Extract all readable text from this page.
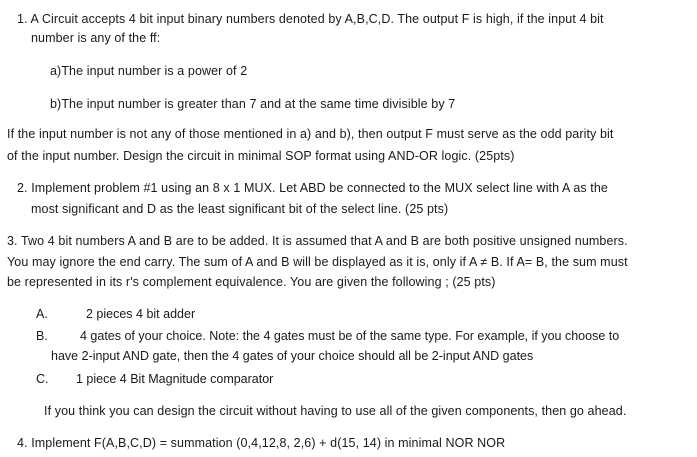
1. A Circuit accepts 4 bit input binary numbers denoted by A,B,C,D. The output F is high, if the input 4 bit
number is any of the ff:
a)The input number is a power of 2
b)The input number is greater than 7 and at the same time divisible by 7
If the input number is not any of those mentioned in a) and b), then output F must serve as the odd parity bit
of the input number. Design the circuit in minimal SOP format using AND-OR logic. (25pts)
2. Implement problem #1 using an 8 x 1 MUX. Let ABD be connected to the MUX select line with A as the
most significant and D as the least significant bit of the select line. (25 pts)
3. Two 4 bit numbers A and B are to be added. It is assumed that A and B are both positive unsigned numbers.
You may ignore the end carry. The sum of A and B will be displayed as it is, only if A ≠ B. If A= B, the sum must
be represented in its r's complement equivalence. You are given the following ; (25 pts)
A.	2 pieces 4 bit adder
B.	4 gates of your choice. Note: the 4 gates must be of the same type. For example, if you choose to
have 2-input AND gate, then the 4 gates of your choice should all be 2-input AND gates
C. 1 piece 4 Bit Magnitude comparator
If you think you can design the circuit without having to use all of the given components, then go ahead.
4. Implement F(A,B,C,D) = summation (0,4,12,8, 2,6) + d(15, 14) in minimal NOR NOR
